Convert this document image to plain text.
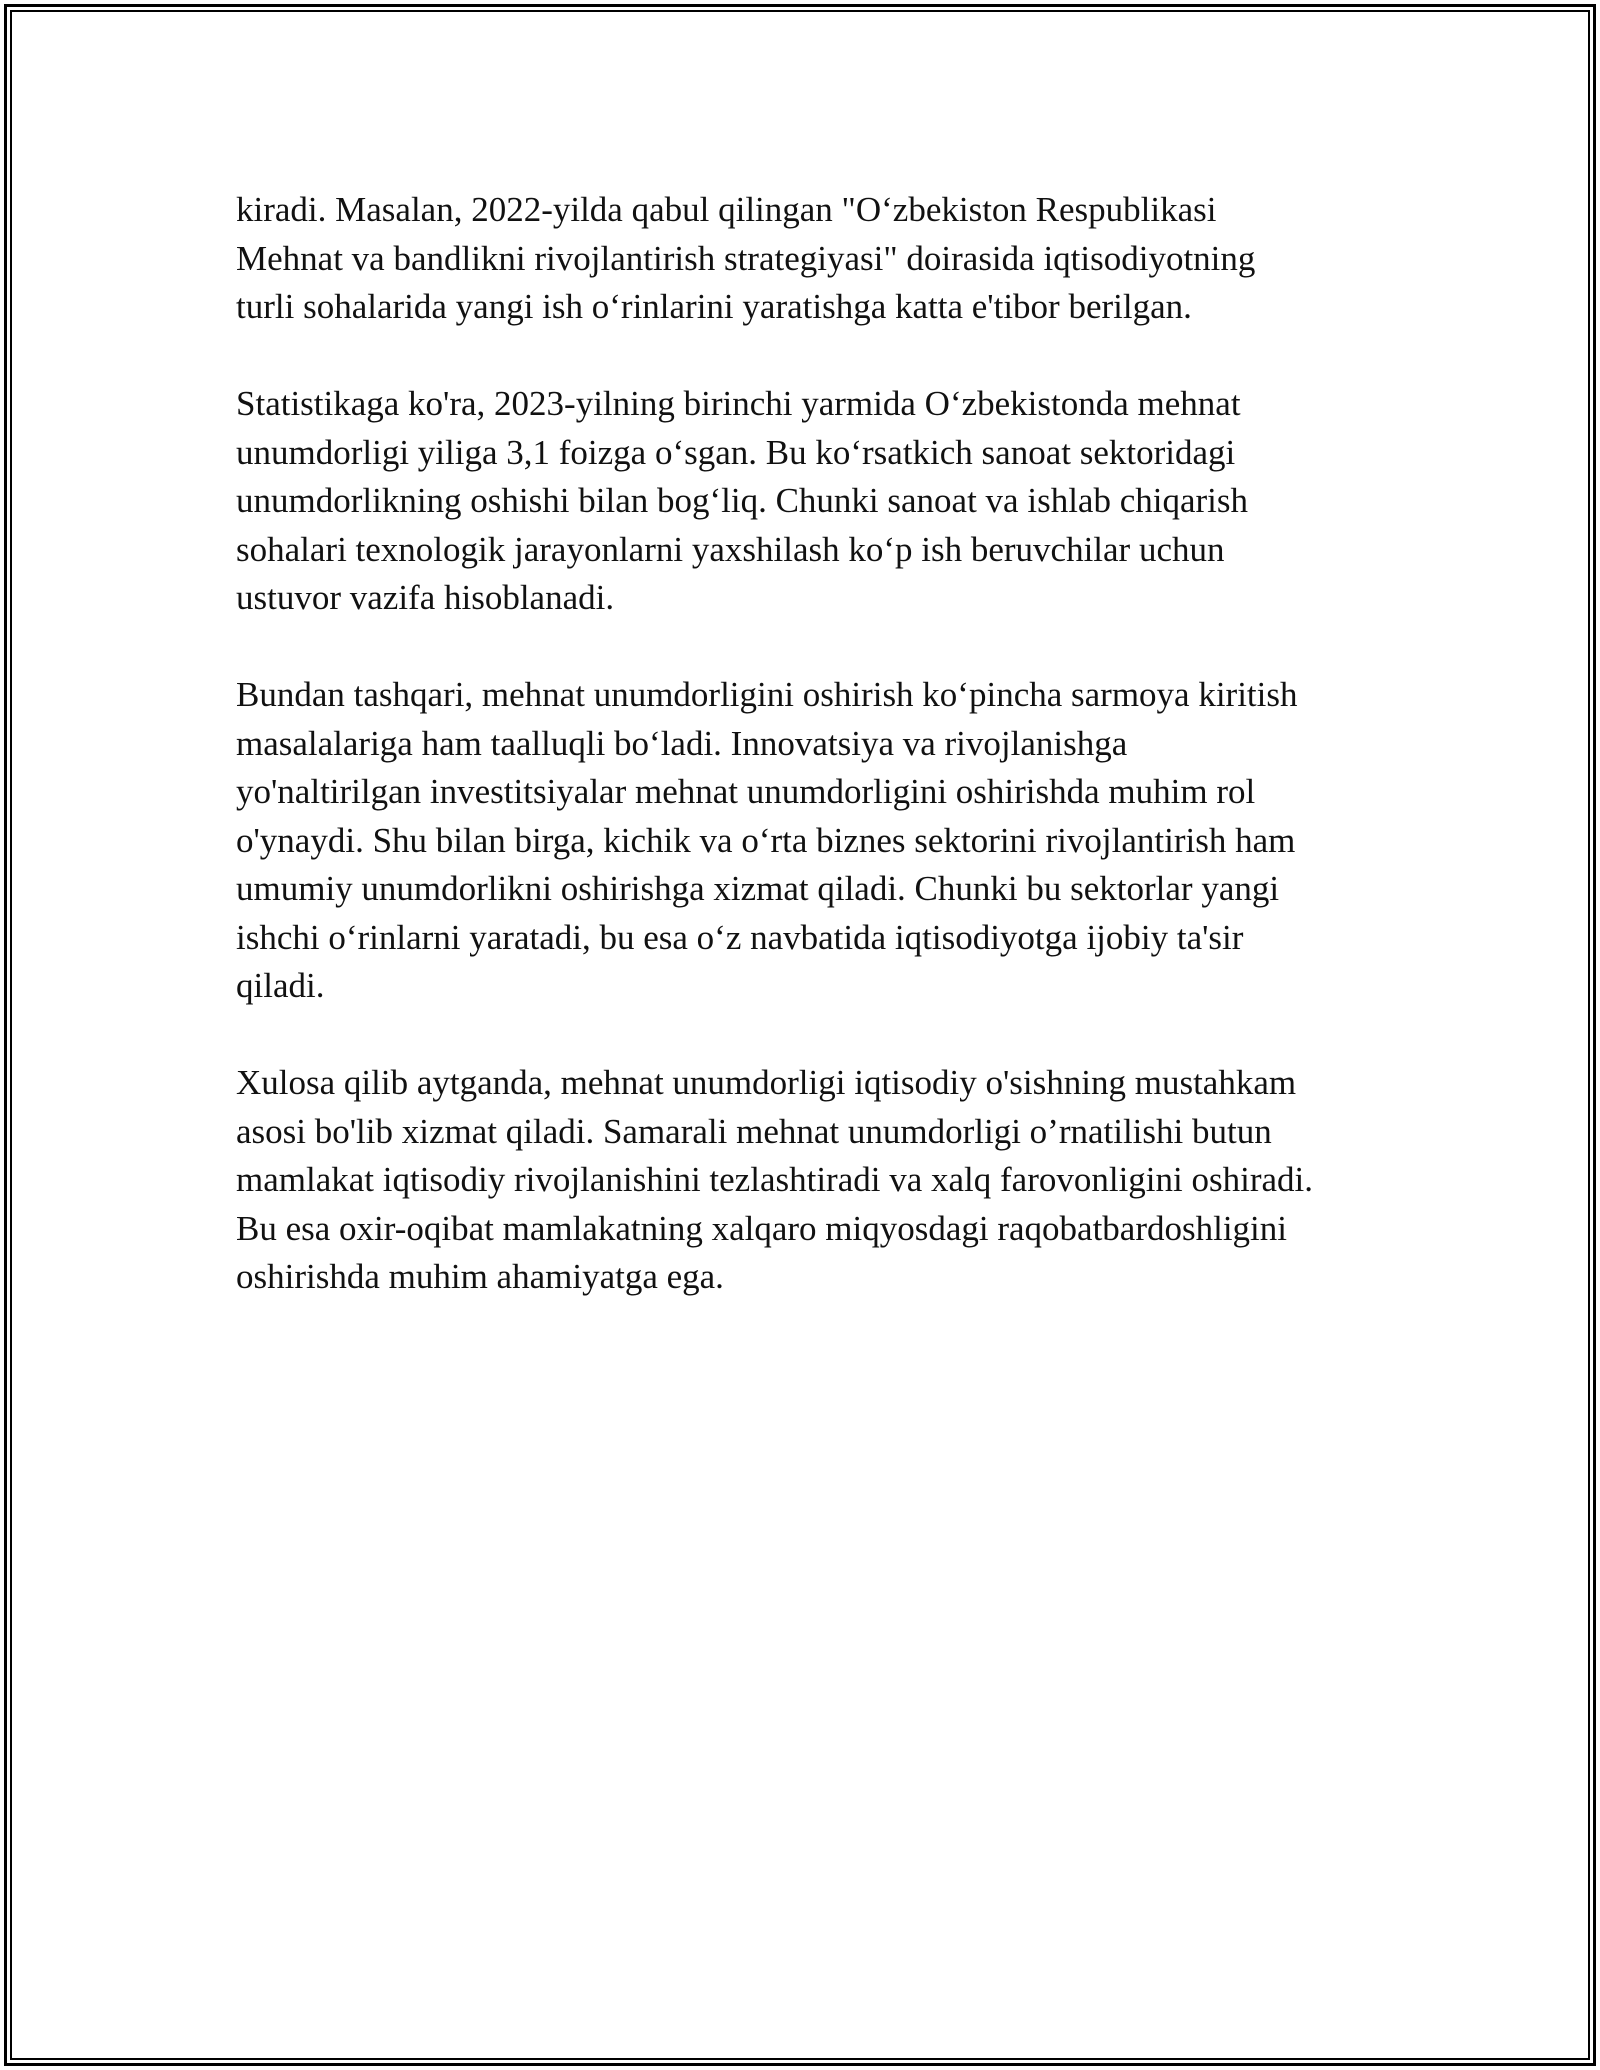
kiradi. Masalan, 2022-yilda qabul qilingan "O‘zbekiston Respublikasi
Mehnat va bandlikni rivojlantirish strategiyasi" doirasida iqtisodiyotning
turli sohalarida yangi ish o‘rinlarini yaratishga katta e'tibor berilgan.

Statistikaga ko'ra, 2023-yilning birinchi yarmida O‘zbekistonda mehnat
unumdorligi yiliga 3,1 foizga o‘sgan. Bu ko‘rsatkich sanoat sektoridagi
unumdorlikning oshishi bilan bog‘liq. Chunki sanoat va ishlab chiqarish
sohalari texnologik jarayonlarni yaxshilash ko‘p ish beruvchilar uchun
ustuvor vazifa hisoblanadi.

Bundan tashqari, mehnat unumdorligini oshirish ko‘pincha sarmoya kiritish
masalalariga ham taalluqli bo‘ladi. Innovatsiya va rivojlanishga
yo'naltirilgan investitsiyalar mehnat unumdorligini oshirishda muhim rol
o'ynaydi. Shu bilan birga, kichik va o‘rta biznes sektorini rivojlantirish ham
umumiy unumdorlikni oshirishga xizmat qiladi. Chunki bu sektorlar yangi
ishchi o‘rinlarni yaratadi, bu esa o‘z navbatida iqtisodiyotga ijobiy ta'sir
qiladi.

Xulosa qilib aytganda, mehnat unumdorligi iqtisodiy o'sishning mustahkam
asosi bo'lib xizmat qiladi. Samarali mehnat unumdorligi o’rnatilishi butun
mamlakat iqtisodiy rivojlanishini tezlashtiradi va xalq farovonligini oshiradi.
Bu esa oxir-oqibat mamlakatning xalqaro miqyosdagi raqobatbardoshligini
oshirishda muhim ahamiyatga ega.
